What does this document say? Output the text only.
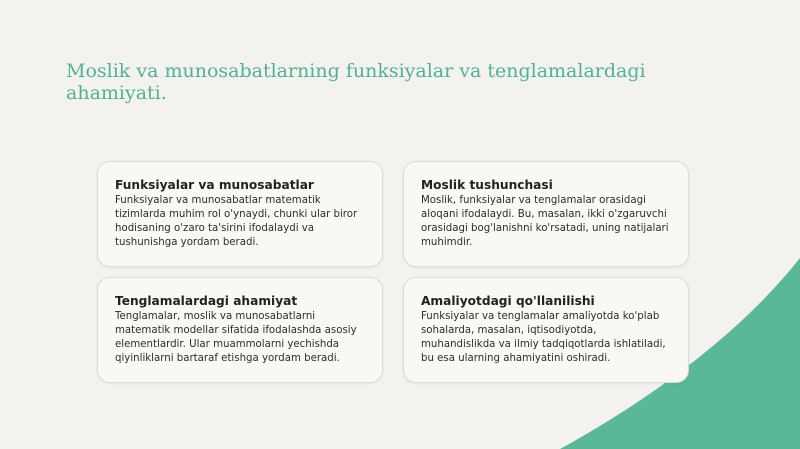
Moslik va munosabatlarning funksiyalar va tenglamalardagi ahamiyati.

Funksiyalar va munosabatlar

Funksiyalar va munosabatlar matematik tizimlarda muhim rol o'ynaydi, chunki ular biror hodisaning o'zaro ta'sirini ifodalaydi va tushunishga yordam beradi.

Moslik tushunchasi

Moslik, funksiyalar va tenglamalar orasidagi aloqani ifodalaydi. Bu, masalan, ikki o'zgaruvchi orasidagi bog'lanishni ko'rsatadi, uning natijalari muhimdir.

Tenglamalardagi ahamiyat

Tenglamalar, moslik va munosabatlarni matematik modellar sifatida ifodalashda asosiy elementlardir. Ular muammolarni yechishda qiyinliklarni bartaraf etishga yordam beradi.

Amaliyotdagi qo'llanilishi

Funksiyalar va tenglamalar amaliyotda ko'plab sohalarda, masalan, iqtisodiyotda, muhandislikda va ilmiy tadqiqotlarda ishlatiladi, bu esa ularning ahamiyatini oshiradi.
